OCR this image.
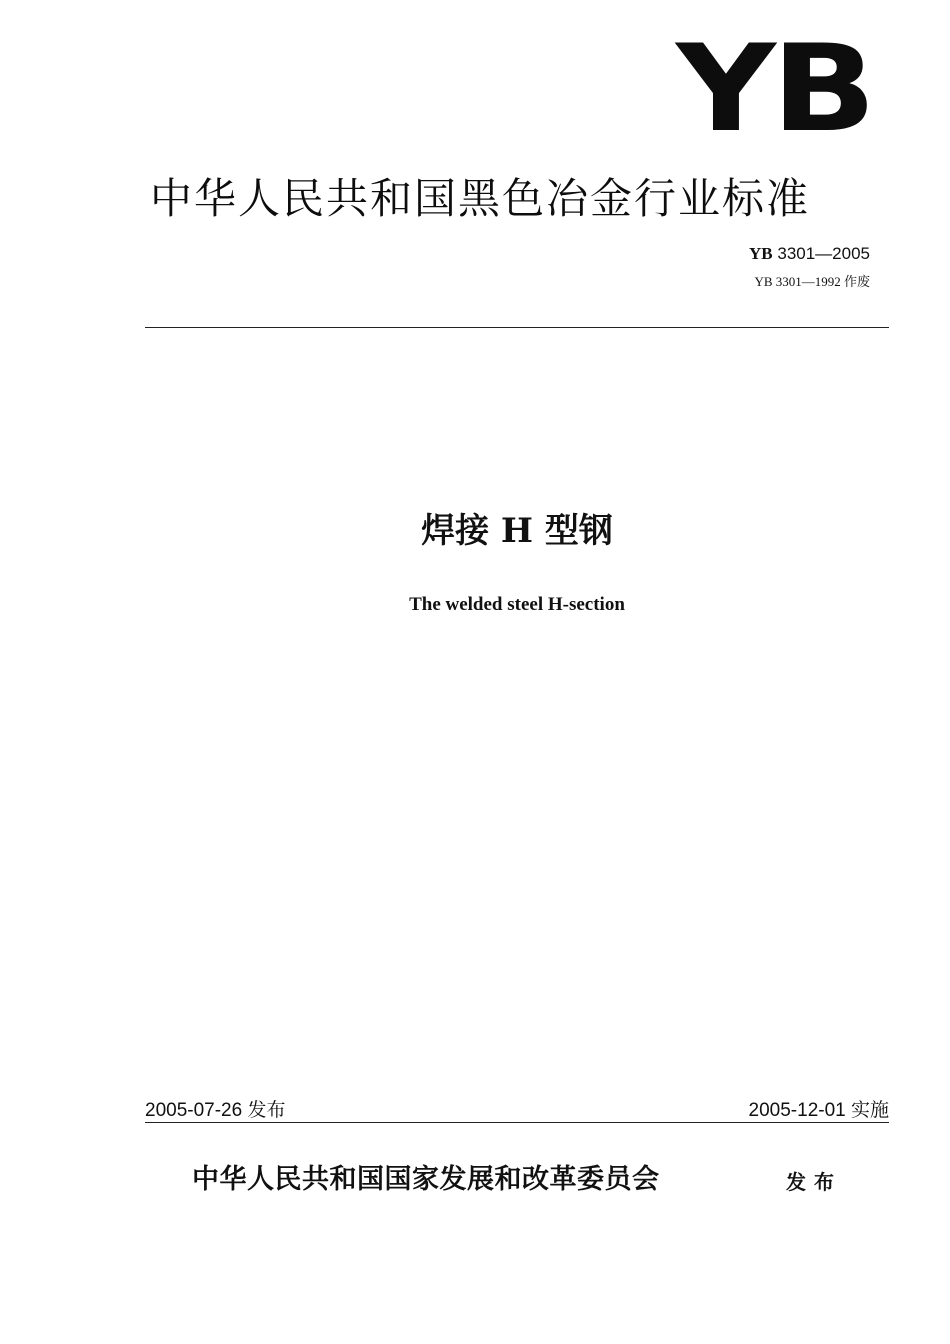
YB
中华人民共和国黑色冶金行业标准
YB 3301—2005
YB 3301—1992 作废
焊接 H 型钢
The welded steel H-section
2005-07-26 发布	2005-12-01 实施
中华人民共和国国家发展和改革委员会	发布
